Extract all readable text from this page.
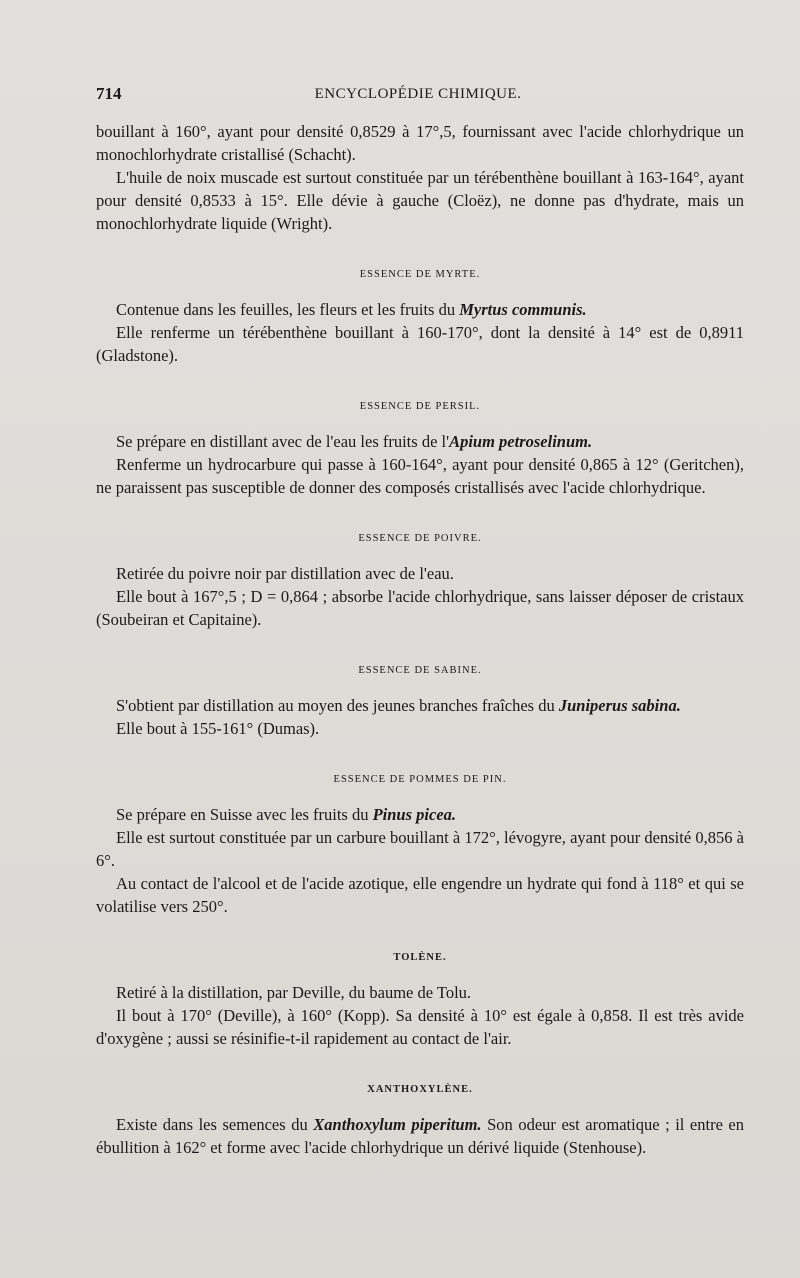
714	ENCYCLOPÉDIE CHIMIQUE.

bouillant à 160°, ayant pour densité 0,8529 à 17°,5, fournissant avec l'acide chlorhydrique un monochlorhydrate cristallisé (Schacht).

L'huile de noix muscade est surtout constituée par un térébenthène bouillant à 163-164°, ayant pour densité 0,8533 à 15°. Elle dévie à gauche (Cloëz), ne donne pas d'hydrate, mais un monochlorhydrate liquide (Wright).

ESSENCE DE MYRTE.

Contenue dans les feuilles, les fleurs et les fruits du Myrtus communis.

Elle renferme un térébenthène bouillant à 160-170°, dont la densité à 14° est de 0,8911 (Gladstone).

ESSENCE DE PERSIL.

Se prépare en distillant avec de l'eau les fruits de l'Apium petroselinum.

Renferme un hydrocarbure qui passe à 160-164°, ayant pour densité 0,865 à 12° (Geritchen), ne paraissent pas susceptible de donner des composés cristallisés avec l'acide chlorhydrique.

ESSENCE DE POIVRE.

Retirée du poivre noir par distillation avec de l'eau.

Elle bout à 167°,5 ; D = 0,864 ; absorbe l'acide chlorhydrique, sans laisser déposer de cristaux (Soubeiran et Capitaine).

ESSENCE DE SABINE.

S'obtient par distillation au moyen des jeunes branches fraîches du Juniperus sabina.

Elle bout à 155-161° (Dumas).

ESSENCE DE POMMES DE PIN.

Se prépare en Suisse avec les fruits du Pinus picea.

Elle est surtout constituée par un carbure bouillant à 172°, lévogyre, ayant pour densité 0,856 à 6°.

Au contact de l'alcool et de l'acide azotique, elle engendre un hydrate qui fond à 118° et qui se volatilise vers 250°.

TOLÈNE.

Retiré à la distillation, par Deville, du baume de Tolu.

Il bout à 170° (Deville), à 160° (Kopp). Sa densité à 10° est égale à 0,858. Il est très avide d'oxygène ; aussi se résinifie-t-il rapidement au contact de l'air.

XANTHOXYLÈNE.

Existe dans les semences du Xanthoxylum piperitum. Son odeur est aromatique ; il entre en ébullition à 162° et forme avec l'acide chlorhydrique un dérivé liquide (Stenhouse).
